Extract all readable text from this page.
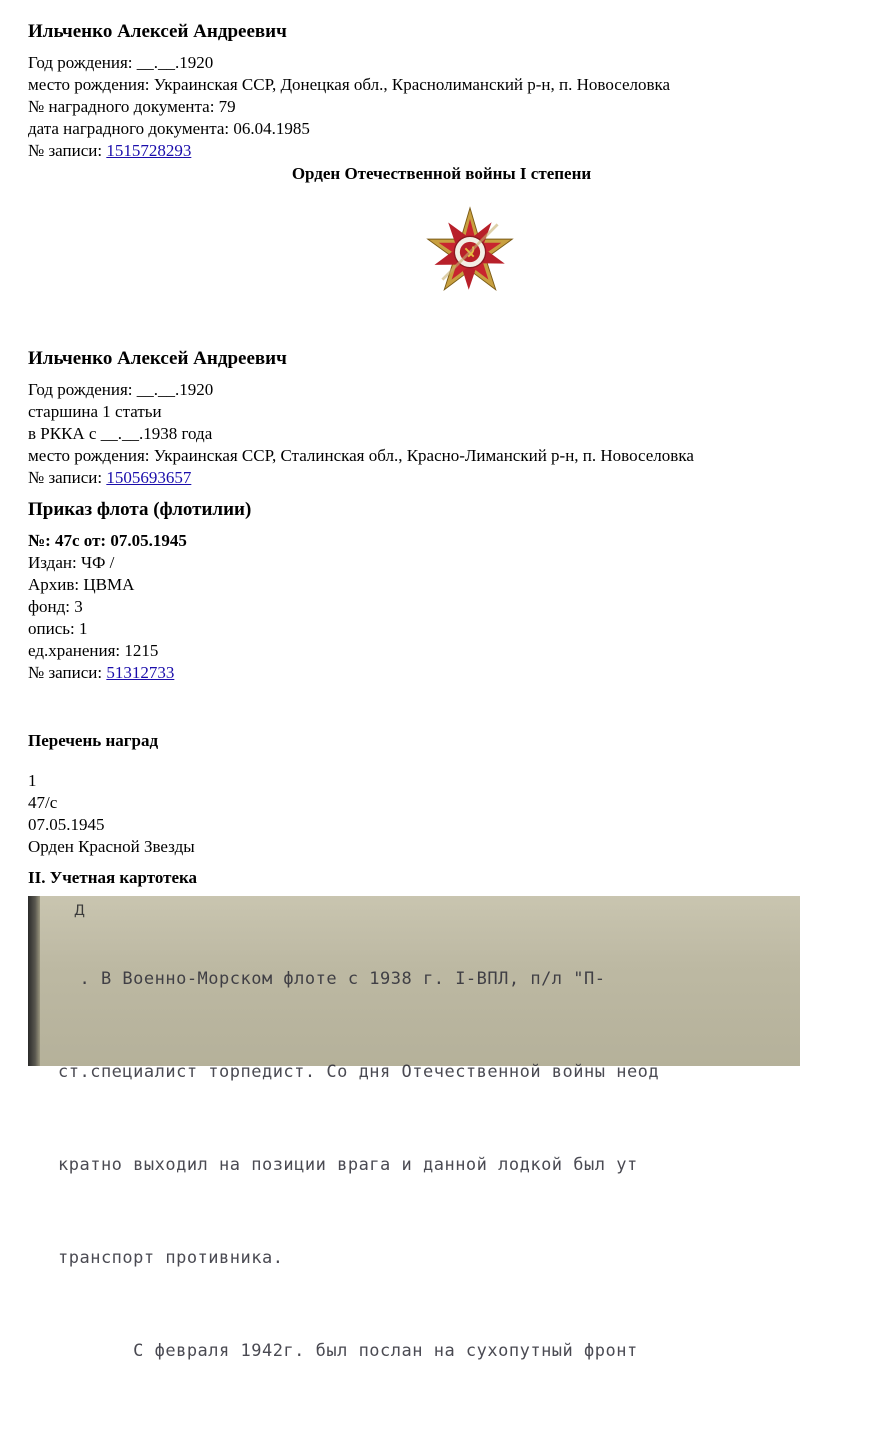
Ильченко Алексей Андреевич
Год рождения: __.__.1920
место рождения: Украинская ССР, Донецкая обл., Краснолиманский р-н, п. Новоселовка
№ наградного документа: 79
дата наградного документа: 06.04.1985
№ записи: 1515728293
Орден Отечественной войны I степени
Ильченко Алексей Андреевич
Год рождения: __.__.1920
старшина 1 статьи
в РККА с __.__.1938 года
место рождения: Украинская ССР, Сталинская обл., Красно-Лиманский р-н, п. Новоселовка
№ записи: 1505693657
Приказ флота (флотилии)
№: 47с от: 07.05.1945
Издан: ЧФ /
Архив: ЦВМА
фонд: 3
опись: 1
ед.хранения: 1215
№ записи: 51312733
Перечень наград
1
47/с
07.05.1945
Орден Красной Звезды
II. Учетная картотека
Д

. В Военно-Морском флоте с 1938 г. I-ВПЛ, п/л "П-

ст.специалист торпедист. Со дня Отечественной войны неод

кратно выходил на позиции врага и данной лодкой был ут

транспорт противника.

С февраля 1942г. был послан на сухопутный фронт
